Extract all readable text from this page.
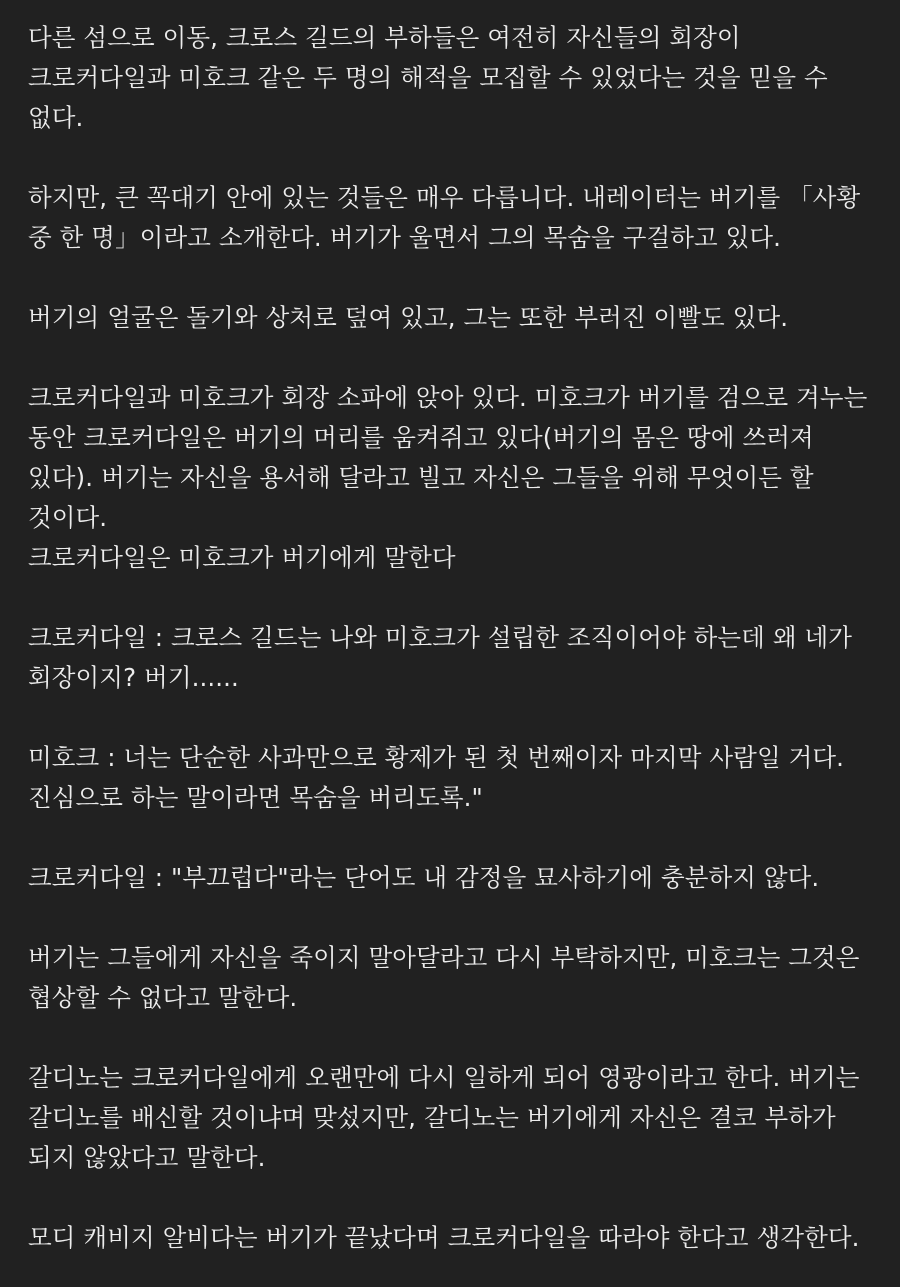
다른 섬으로 이동, 크로스 길드의 부하들은 여전히 자신들의 회장이 크로커다일과 미호크 같은 두 명의 해적을 모집할 수 있었다는 것을 믿을 수 없다.

하지만, 큰 꼭대기 안에 있는 것들은 매우 다릅니다. 내레이터는 버기를 「사황 중 한 명」이라고 소개한다. 버기가 울면서 그의 목숨을 구걸하고 있다.

버기의 얼굴은 돌기와 상처로 덮여 있고, 그는 또한 부러진 이빨도 있다.

크로커다일과 미호크가 회장 소파에 앉아 있다. 미호크가 버기를 검으로 겨누는 동안 크로커다일은 버기의 머리를 움켜쥐고 있다(버기의 몸은 땅에 쓰러져 있다). 버기는 자신을 용서해 달라고 빌고 자신은 그들을 위해 무엇이든 할 것이다.

크로커다일은 미호크가 버기에게 말한다

크로커다일 : 크로스 길드는 나와 미호크가 설립한 조직이어야 하는데 왜 네가 회장이지? 버기......

미호크 : 너는 단순한 사과만으로 황제가 된 첫 번째이자 마지막 사람일 거다. 진심으로 하는 말이라면 목숨을 버리도록."

크로커다일 : "부끄럽다"라는 단어도 내 감정을 묘사하기에 충분하지 않다.

버기는 그들에게 자신을 죽이지 말아달라고 다시 부탁하지만, 미호크는 그것은 협상할 수 없다고 말한다.

갈디노는 크로커다일에게 오랜만에 다시 일하게 되어 영광이라고 한다. 버기는 갈디노를 배신할 것이냐며 맞섰지만, 갈디노는 버기에게 자신은 결코 부하가 되지 않았다고 말한다.

모디 캐비지 알비다는 버기가 끝났다며 크로커다일을 따라야 한다고 생각한다.
